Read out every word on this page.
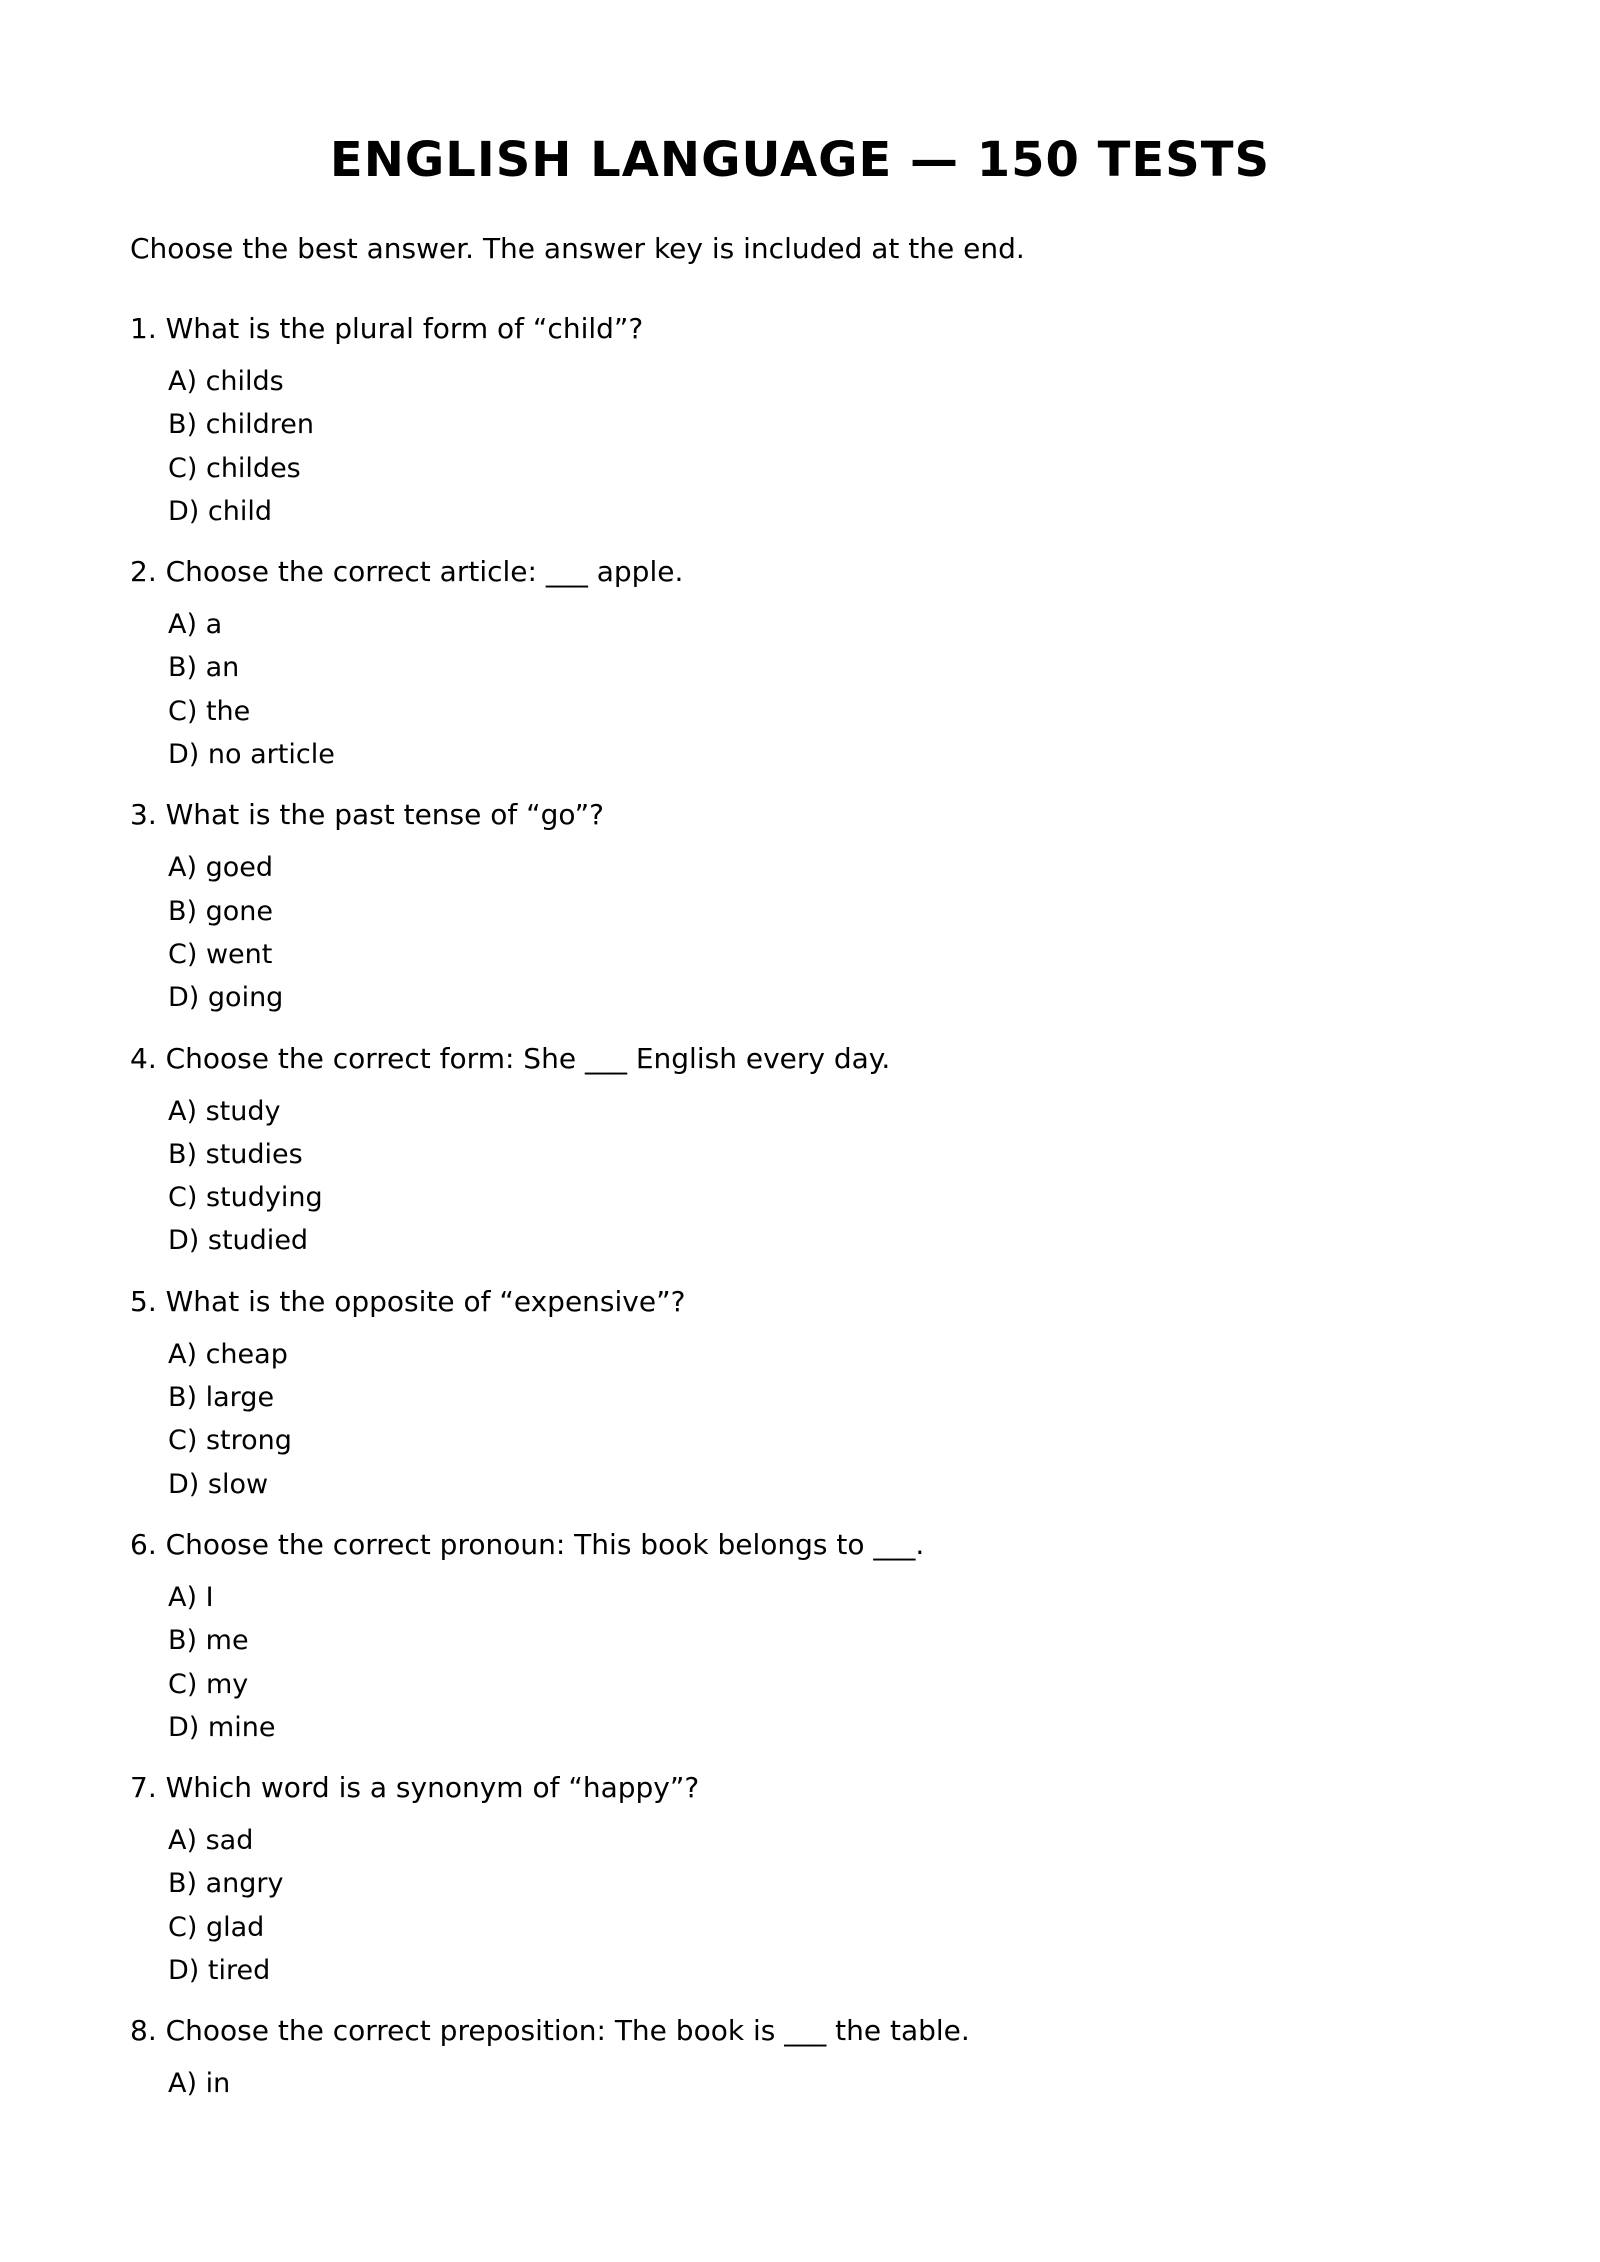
ENGLISH LANGUAGE — 150 TESTS

Choose the best answer. The answer key is included at the end.

1. What is the plural form of “child”?

A) childs
B) children
C) childes
D) child

2. Choose the correct article: ___ apple.

A) a
B) an
C) the
D) no article

3. What is the past tense of “go”?

A) goed
B) gone
C) went
D) going

4. Choose the correct form: She ___ English every day.

A) study
B) studies
C) studying
D) studied

5. What is the opposite of “expensive”?

A) cheap
B) large
C) strong
D) slow

6. Choose the correct pronoun: This book belongs to ___.

A) I
B) me
C) my
D) mine

7. Which word is a synonym of “happy”?

A) sad
B) angry
C) glad
D) tired

8. Choose the correct preposition: The book is ___ the table.

A) in
